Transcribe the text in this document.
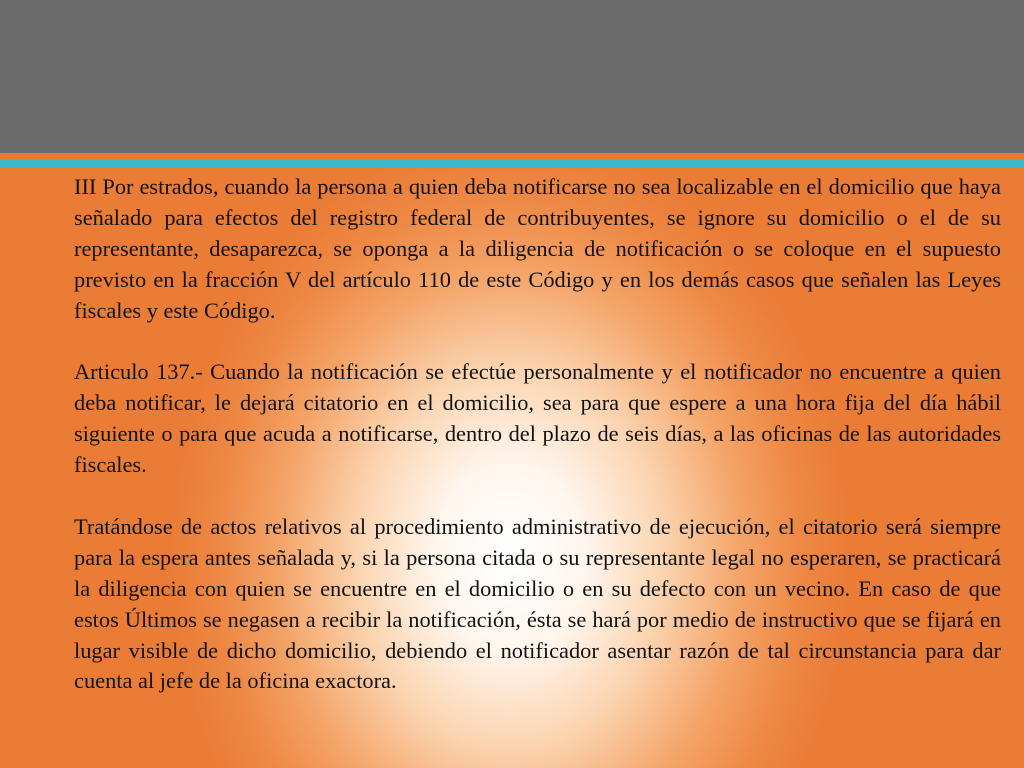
III Por estrados, cuando la persona a quien deba notificarse no sea localizable en el domicilio que haya señalado para efectos del registro federal de contribuyentes, se ignore su domicilio o el de su representante, desaparezca, se oponga a la diligencia de notificación o se coloque en el supuesto previsto en la fracción V del artículo 110 de este Código y en los demás casos que señalen las Leyes fiscales y este Código.

Articulo 137.- Cuando la notificación se efectúe personalmente y el notificador no encuentre a quien deba notificar, le dejará citatorio en el domicilio, sea para que espere a una hora fija del día hábil siguiente o para que acuda a notificarse, dentro del plazo de seis días, a las oficinas de las autoridades fiscales.

Tratándose de actos relativos al procedimiento administrativo de ejecución, el citatorio será siempre para la espera antes señalada y, si la persona citada o su representante legal no esperaren, se practicará la diligencia con quien se encuentre en el domicilio o en su defecto con un vecino. En caso de que estos Últimos se negasen a recibir la notificación, ésta se hará por medio de instructivo que se fijará en lugar visible de dicho domicilio, debiendo el notificador asentar razón de tal circunstancia para dar cuenta al jefe de la oficina exactora.
